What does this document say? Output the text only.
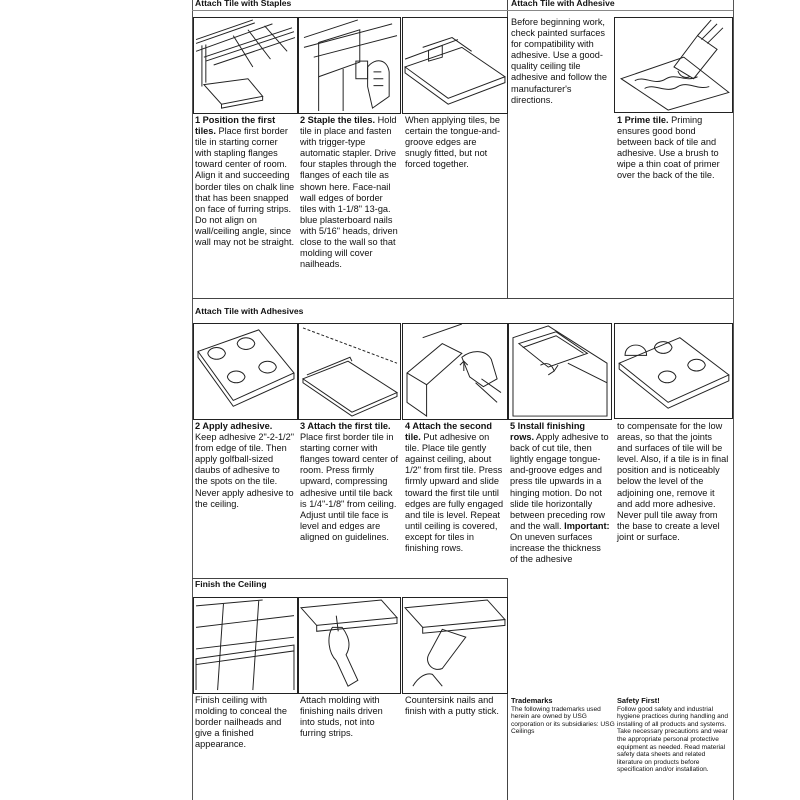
Attach Tile with Staples	Attach Tile with Adhesive
1 Position the first tiles. Place first border tile in starting corner with stapling flanges toward center of room. Align it and succeeding border tiles on chalk line that has been snapped on face of furring strips. Do not align on wall/ceiling angle, since wall may not be straight.
2 Staple the tiles. Hold tile in place and fasten with trigger-type automatic stapler. Drive four staples through the flanges of each tile as shown here. Face-nail wall edges of border tiles with 1-1/8" 13-ga. blue plasterboard nails with 5/16" heads, driven close to the wall so that molding will cover nailheads.
When applying tiles, be certain the tongue-and-groove edges are snugly fitted, but not forced together.
Before beginning work, check painted surfaces for compatibility with adhesive. Use a good-quality ceiling tile adhesive and follow the manufacturer's directions.
1 Prime tile. Priming ensures good bond between back of tile and adhesive. Use a brush to wipe a thin coat of primer over the back of the tile.
Attach Tile with Adhesives
2 Apply adhesive. Keep adhesive 2"-2-1/2" from edge of tile. Then apply golfball-sized daubs of adhesive to the spots on the tile. Never apply adhesive to the ceiling.
3 Attach the first tile. Place first border tile in starting corner with flanges toward center of room. Press firmly upward, compressing adhesive until tile back is 1/4"-1/8" from ceiling. Adjust until tile face is level and edges are aligned on guidelines.
4 Attach the second tile. Put adhesive on tile. Place tile gently against ceiling, about 1/2" from first tile. Press firmly upward and slide toward the first tile until edges are fully engaged and tile is level. Repeat until ceiling is covered, except for tiles in finishing rows.
5 Install finishing rows. Apply adhesive to back of cut tile, then lightly engage tongue-and-groove edges and press tile upwards in a hinging motion. Do not slide tile horizontally between preceding row and the wall. Important: On uneven surfaces increase the thickness of the adhesive
to compensate for the low areas, so that the joints and surfaces of tile will be level. Also, if a tile is in final position and is noticeably below the level of the adjoining one, remove it and add more adhesive. Never pull tile away from the base to create a level joint or surface.
Finish the Ceiling
Finish ceiling with molding to conceal the border nailheads and give a finished appearance.
Attach molding with finishing nails driven into studs, not into furring strips.
Countersink nails and finish with a putty stick.
Trademarks
The following trademarks used herein are owned by USG corporation or its subsidiaries: USG Ceilings
Safety First!
Follow good safety and industrial hygiene practices during handling and installing of all products and systems. Take necessary precautions and wear the appropriate personal protective equipment as needed. Read material safety data sheets and related literature on products before specification and/or installation.
